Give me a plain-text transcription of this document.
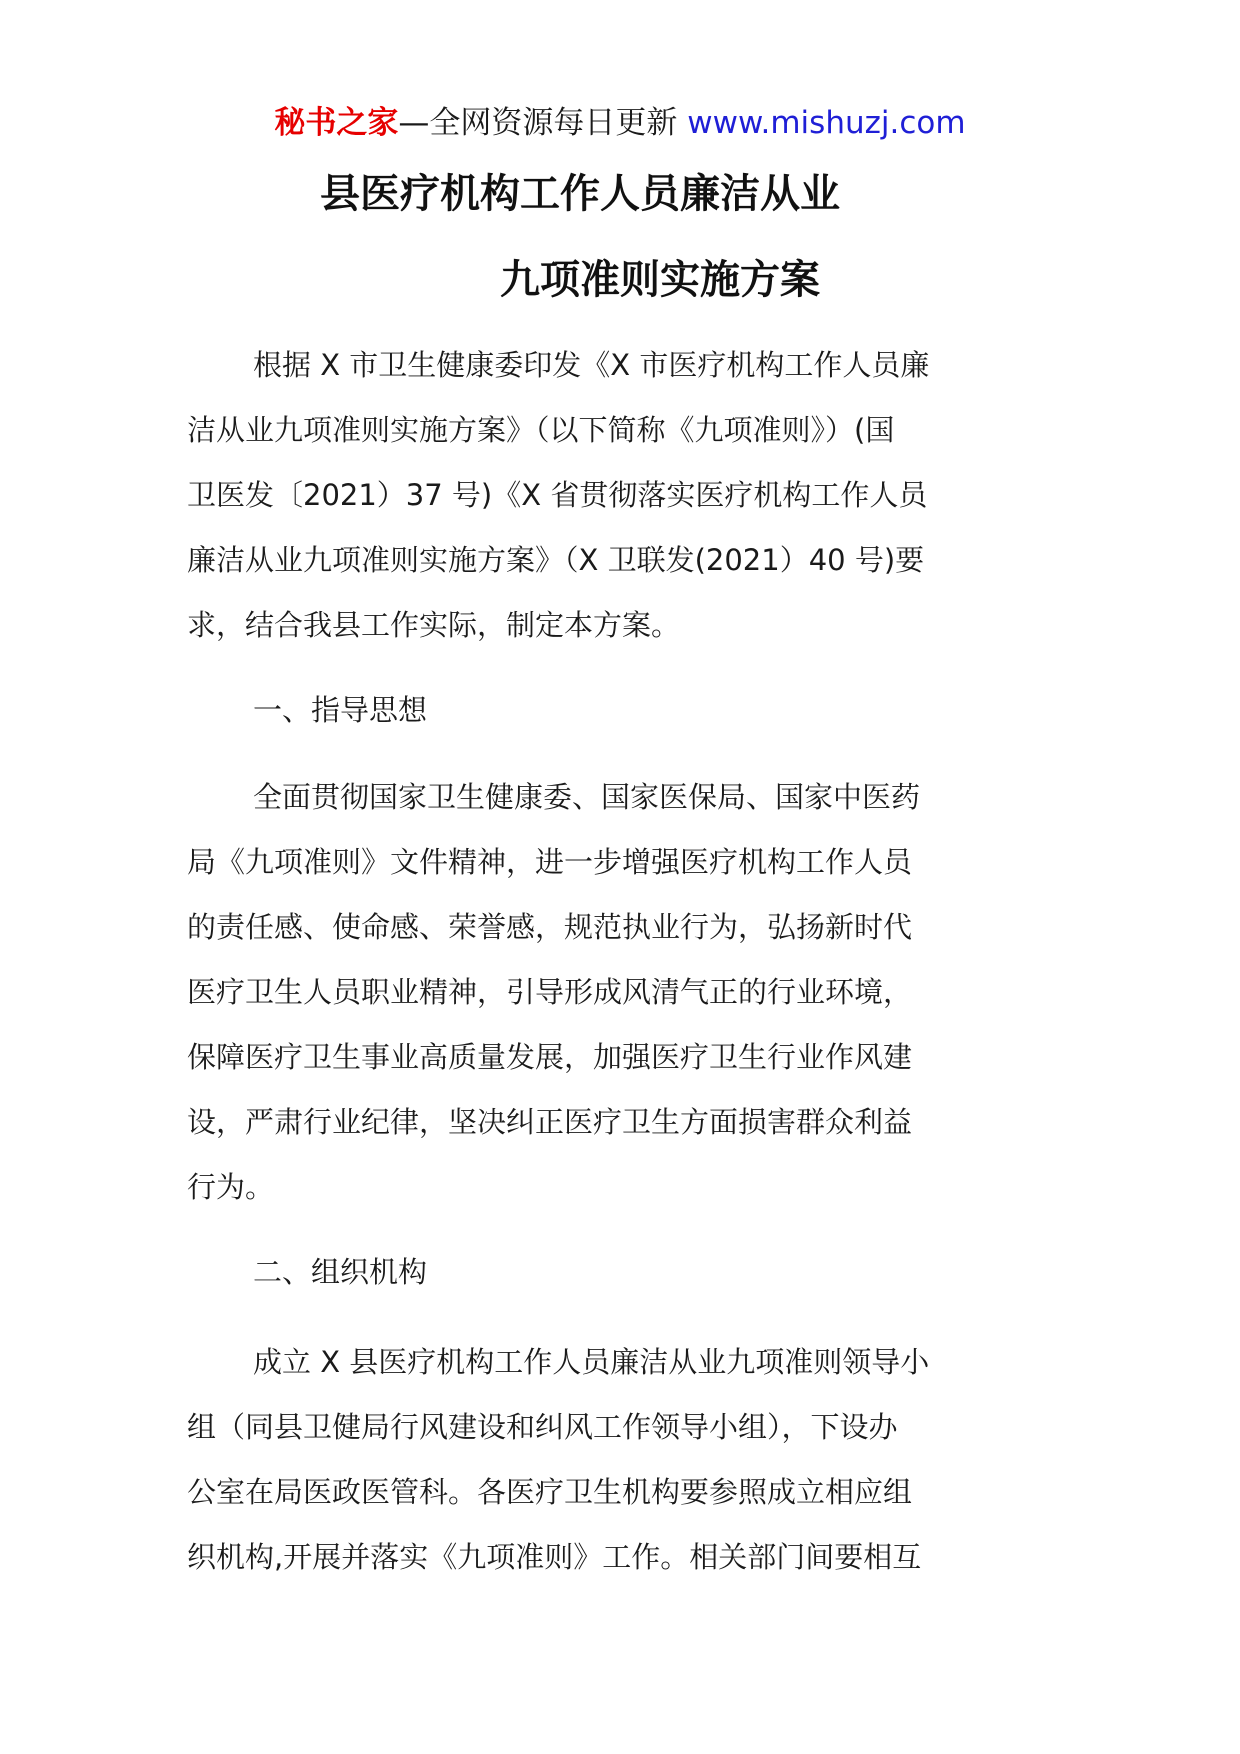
秘书之家—全网资源每日更新 www.mishuzj.com
县医疗机构工作人员廉洁从业
九项准则实施方案
根据 X 市卫生健康委印发《X 市医疗机构工作人员廉
洁从业九项准则实施方案》（以下简称《九项准则》）(国
卫医发〔2021）37 号)《X 省贯彻落实医疗机构工作人员
廉洁从业九项准则实施方案》（X 卫联发(2021）40 号)要
求，结合我县工作实际，制定本方案。
一、指导思想
全面贯彻国家卫生健康委、国家医保局、国家中医药
局《九项准则》文件精神，进一步增强医疗机构工作人员
的责任感、使命感、荣誉感，规范执业行为，弘扬新时代
医疗卫生人员职业精神，引导形成风清气正的行业环境，
保障医疗卫生事业高质量发展，加强医疗卫生行业作风建
设，严肃行业纪律，坚决纠正医疗卫生方面损害群众利益
行为。
二、组织机构
成立 X 县医疗机构工作人员廉洁从业九项准则领导小
组（同县卫健局行风建设和纠风工作领导小组），下设办
公室在局医政医管科。各医疗卫生机构要参照成立相应组
织机构,开展并落实《九项准则》工作。相关部门间要相互
